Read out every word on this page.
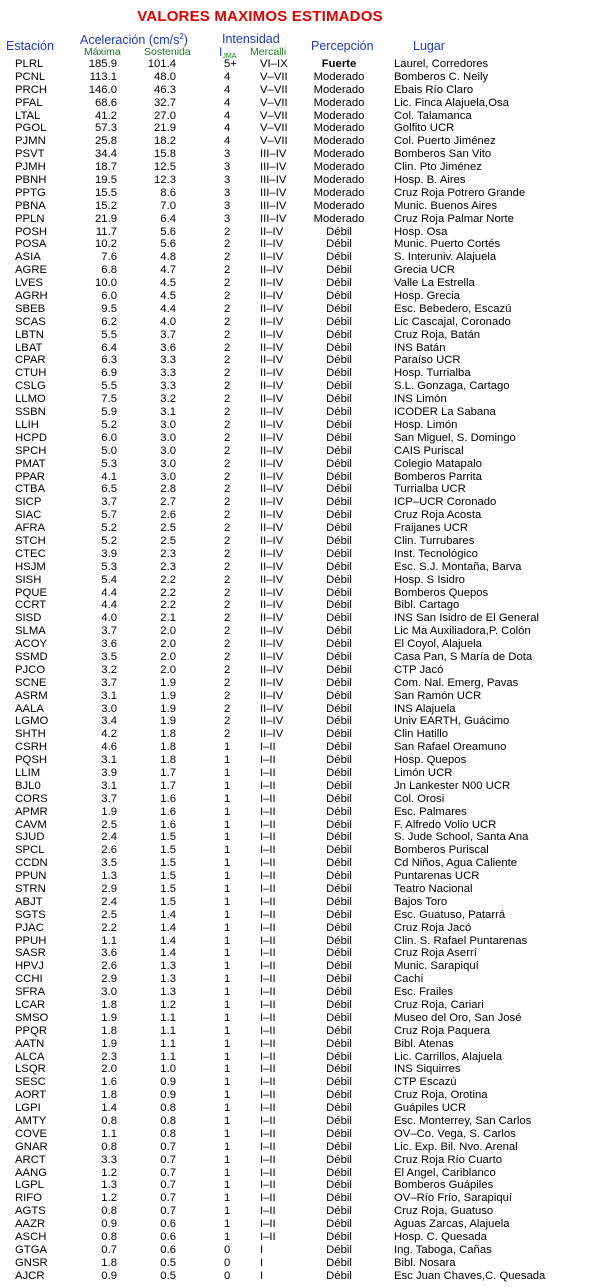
VALORES MAXIMOS ESTIMADOS
Estación Aceleración $(cm/s^2)$
Máxima Sostenida
Intensidad
$I_{JMA}$ Mercalli Percepción	Lugar
PLRL	185.9	101.4	5+ VI–IX	Fuerte	Laurel, Corredores
PCNL	113.1	48.0	4	V–VII Moderado	Bomberos C. Neily
PRCH	146.0	46.3	4	V–VII Moderado	Ebais Río Claro
PFAL	68.6	32.7	4	V–VII Moderado	Lic. Finca Alajuela,Osa
LTAL	41.2	27.0	4	V–VII Moderado	Col. Talamanca
PGOL	57.3	21.9	4	V–VII Moderado	Golfito UCR
PJMN	25.8	18.2	4	V–VII Moderado	Col. Puerto Jiménez
PSVT	34.4	15.8	3	III–IV Moderado	Bomberos San Vito
PJMH	18.7	12.5	3	III–IV Moderado	Clin. Pto Jiménez
PBNH	19.5	12.3	3	III–IV Moderado	Hosp. B. Aires
PPTG	15.5	8.6	3	III–IV Moderado	Cruz Roja Potrero Grande
PBNA	15.2	7.0	3	III–IV Moderado	Munic. Buenos Aires
PPLN	21.9	6.4	3	III–IV Moderado	Cruz Roja Palmar Norte
POSH	11.7	5.6	2	II–IV	Débil	Hosp. Osa
POSA	10.2	5.6	2	II–IV	Débil	Munic. Puerto Cortés
ASIA	7.6	4.8	2	II–IV	Débil	S. Interuniv. Alajuela
AGRE	6.8	4.7	2	II–IV	Débil	Grecia UCR
LVES	10.0	4.5	2	II–IV	Débil	Valle La Estrella
AGRH	6.0	4.5	2	II–IV	Débil	Hosp. Grecia
SBEB	9.5	4.4	2	II–IV	Débil	Esc. Bebedero, Escazú
SCAS	6.2	4.0	2	II–IV	Débil	Lic Cascajal, Coronado
LBTN	5.5	3.7	2	II–IV	Débil	Cruz Roja, Batán
LBAT	6.4	3.6	2	II–IV	Débil	INS Batán
CPAR	6.3	3.3	2	II–IV	Débil	Paraíso UCR
CTUH	6.9	3.3	2	II–IV	Débil	Hosp. Turrialba
CSLG	5.5	3.3	2	II–IV	Débil	S.L. Gonzaga, Cartago
LLMO	7.5	3.2	2	II–IV	Débil	INS Limón
SSBN	5.9	3.1	2	II–IV	Débil	ICODER La Sabana
LLIH	5.2	3.0	2	II–IV	Débil	Hosp. Limón
HCPD	6.0	3.0	2	II–IV	Débil	San Miguel, S. Domingo
SPCH	5.0	3.0	2	II–IV	Débil	CAIS Puriscal
PMAT	5.3	3.0	2	II–IV	Débil	Colegio Matapalo
PPAR	4.1	3.0	2	II–IV	Débil	Bomberos Parrita
CTBA	6.5	2.8	2	II–IV	Débil	Turrialba UCR
SICP	3.7	2.7	2	II–IV	Débil	ICP–UCR Coronado
SIAC	5.7	2.6	2	II–IV	Débil	Cruz Roja Acosta
AFRA	5.2	2.5	2	II–IV	Débil	Fraijanes UCR
STCH	5.2	2.5	2	II–IV	Débil	Clin. Turrubares
CTEC	3.9	2.3	2	II–IV	Débil	Inst. Tecnológico
HSJM	5.3	2.3	2	II–IV	Débil	Esc. S.J. Montaña, Barva
SISH	5.4	2.2	2	II–IV	Débil	Hosp. S Isidro
PQUE	4.4	2.2	2	II–IV	Débil	Bomberos Quepos
CCRT	4.4	2.2	2	II–IV	Débil	Bibl. Cartago
SISD	4.0	2.1	2	II–IV	Débil	INS San Isidro de El General
SLMA	3.7	2.0	2	II–IV	Débil	Lic Ma Auxiliadora,P. Colón
ACOY	3.6	2.0	2	II–IV	Débil	El Coyol, Alajuela
SSMD	3.5	2.0	2	II–IV	Débil	Casa Pan, S María de Dota
PJCO	3.2	2.0	2	II–IV	Débil	CTP Jacó
SCNE	3.7	1.9	2	II–IV	Débil	Com. Nal. Emerg, Pavas
ASRM	3.1	1.9	2	II–IV	Débil	San Ramón UCR
AALA	3.0	1.9	2	II–IV	Débil	INS Alajuela
LGMO	3.4	1.9	2	II–IV	Débil	Univ EARTH, Guácimo
SHTH	4.2	1.8	2	II–IV	Débil	Clin Hatillo
CSRH	4.6	1.8	1	I–II	Débil	San Rafael Oreamuno
PQSH	3.1	1.8	1	I–II	Débil	Hosp. Quepos
LLIM	3.9	1.7	1	I–II	Débil	Limón UCR
BJL0	3.1	1.7	1	I–II	Débil	Jn Lankester N00 UCR
CORS	3.7	1.6	1	I–II	Débil	Col. Orosi
APMR	1.9	1.6	1	I–II	Débil	Esc. Palmares
CAVM	2.5	1.6	1	I–II	Débil	F. Alfredo Volio UCR
SJUD	2.4	1.5	1	I–II	Débil	S. Jude School, Santa Ana
SPCL	2.6	1.5	1	I–II	Débil	Bomberos Puriscal
CCDN	3.5	1.5	1	I–II	Débil	Cd Niños, Agua Caliente
PPUN	1.3	1.5	1	I–II	Débil	Puntarenas UCR
STRN	2.9	1.5	1	I–II	Débil	Teatro Nacional
ABJT	2.4	1.5	1	I–II	Débil	Bajos Toro
SGTS	2.5	1.4	1	I–II	Débil	Esc. Guatuso, Patarrá
PJAC	2.2	1.4	1	I–II	Débil	Cruz Roja Jacó
PPUH	1.1	1.4	1	I–II	Débil	Clin. S. Rafael Puntarenas
SASR	3.6	1.4	1	I–II	Débil	Cruz Roja Aserrí
HPVJ	2.6	1.3	1	I–II	Débil	Munic. Sarapiquí
CCHI	2.9	1.3	1	I–II	Débil	Cachí
SFRA	3.0	1.3	1	I–II	Débil	Esc. Frailes
LCAR	1.8	1.2	1	I–II	Débil	Cruz Roja, Cariari
SMSO	1.9	1.1	1	I–II	Débil	Museo del Oro, San José
PPQR	1.8	1.1	1	I–II	Débil	Cruz Roja Paquera
AATN	1.9	1.1	1	I–II	Débil	Bibl. Atenas
ALCA	2.3	1.1	1	I–II	Débil	Lic. Carrillos, Alajuela
LSQR	2.0	1.0	1	I–II	Débil	INS Siquirres
SESC	1.6	0.9	1	I–II	Débil	CTP Escazú
AORT	1.8	0.9	1	I–II	Débil	Cruz Roja, Orotina
LGPI	1.4	0.8	1	I–II	Débil	Guápiles UCR
AMTY	0.8	0.8	1	I–II	Débil	Esc. Monterrey, San Carlos
COVE	1.1	0.8	1	I–II	Débil	OV–Co. Vega, S. Carlos
GNAR	0.8	0.7	1	I–II	Débil	Lic. Exp. Bil. Nvo. Arenal
ARCT	3.3	0.7	1	I–II	Débil	Cruz Roja Río Cuarto
AANG	1.2	0.7	1	I–II	Débil	El Angel, Cariblanco
LGPL	1.3	0.7	1	I–II	Débil	Bomberos Guápiles
RIFO	1.2	0.7	1	I–II	Débil	OV–Río Frío, Sarapiquí
AGTS	0.8	0.7	1	I–II	Débil	Cruz Roja, Guatuso
AAZR	0.9	0.6	1	I–II	Débil	Aguas Zarcas, Alajuela
ASCH	0.8	0.6	1	I–II	Débil	Hosp. C. Quesada
GTGA	0.7	0.6	0	I	Débil	Ing. Taboga, Cañas
GNSR	1.8	0.5	0	I	Débil	Bibl. Nosara
AJCR	0.9	0.5	0	I	Débil	Esc Juan Chaves,C. Quesada
